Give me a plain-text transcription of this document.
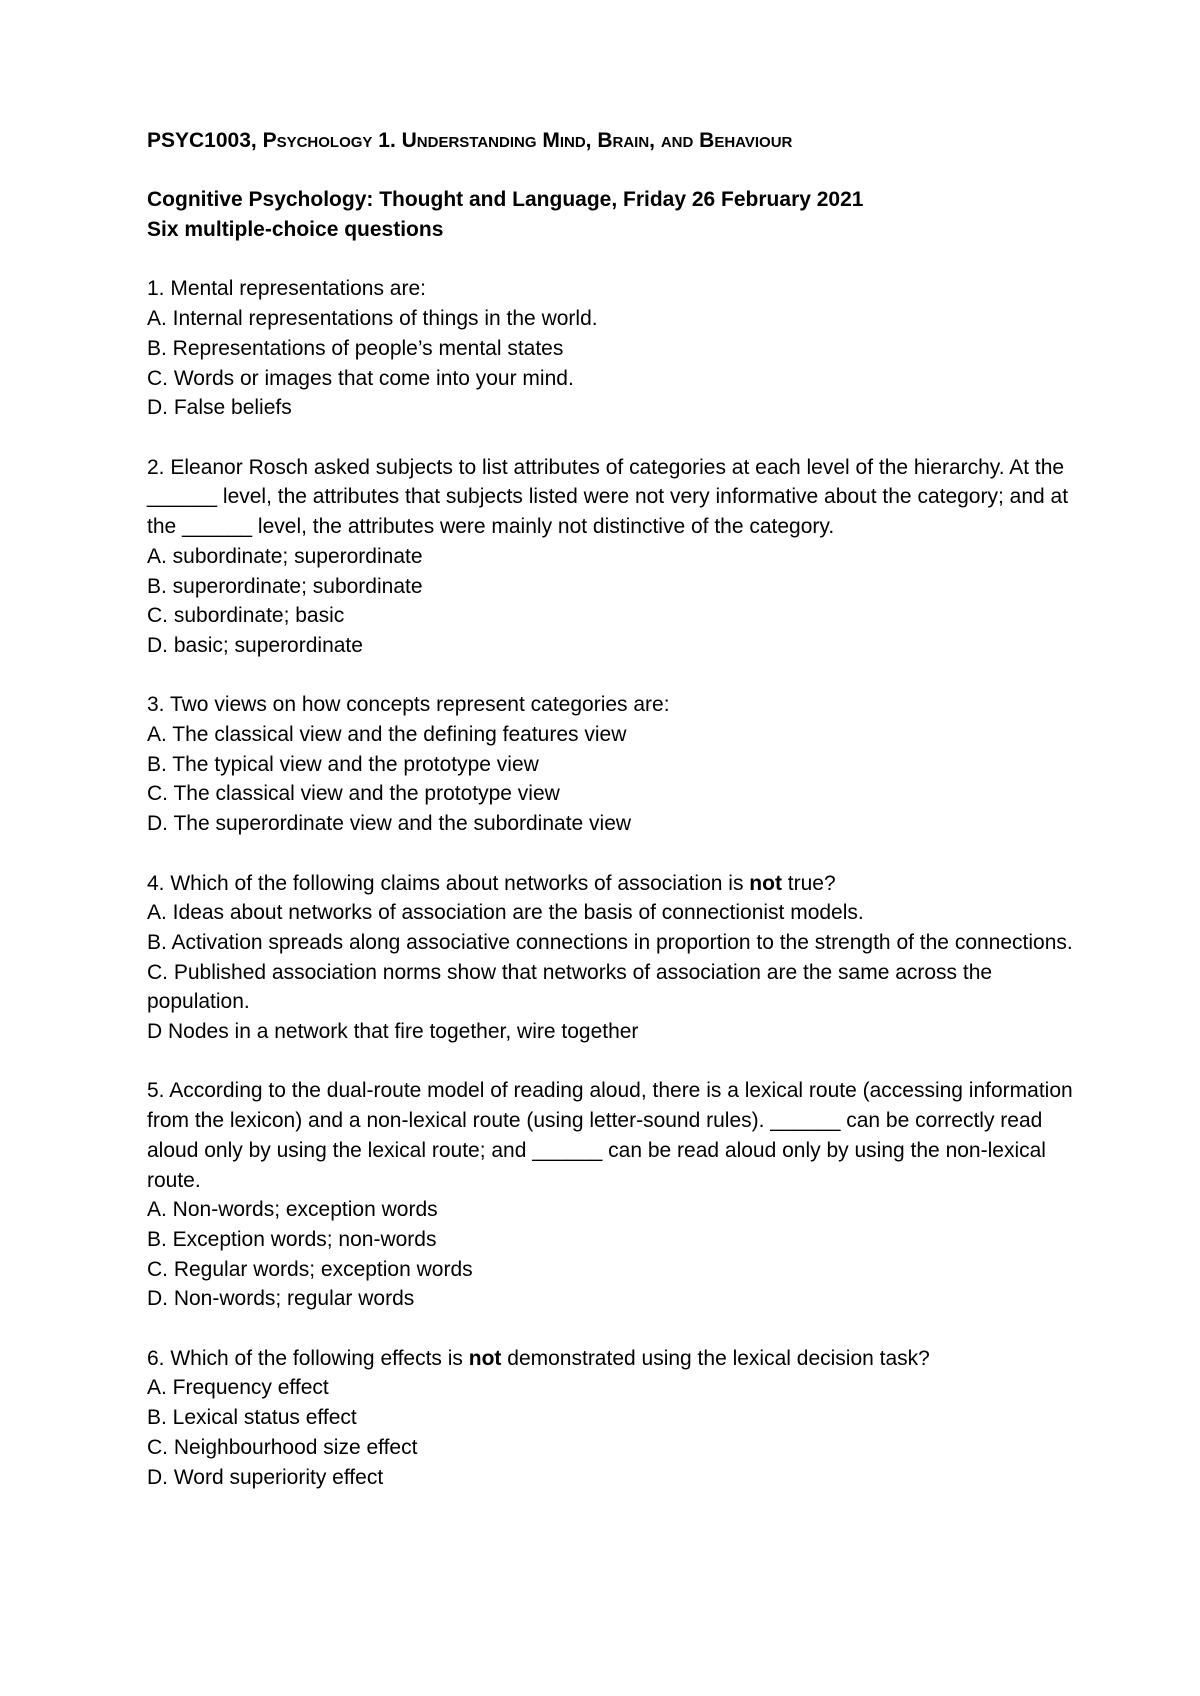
PSYC1003, Psychology 1. Understanding Mind, Brain, and Behaviour

Cognitive Psychology: Thought and Language, Friday 26 February 2021

Six multiple-choice questions

1. Mental representations are:

A. Internal representations of things in the world.

B. Representations of people’s mental states

C. Words or images that come into your mind.

D. False beliefs

2. Eleanor Rosch asked subjects to list attributes of categories at each level of the hierarchy. At the ______ level, the attributes that subjects listed were not very informative about the category; and at the ______ level, the attributes were mainly not distinctive of the category.

A. subordinate; superordinate

B. superordinate; subordinate

C. subordinate; basic

D. basic; superordinate

3. Two views on how concepts represent categories are:

A. The classical view and the defining features view

B. The typical view and the prototype view

C. The classical view and the prototype view

D. The superordinate view and the subordinate view

4. Which of the following claims about networks of association is not true?

A. Ideas about networks of association are the basis of connectionist models.

B. Activation spreads along associative connections in proportion to the strength of the connections.

C. Published association norms show that networks of association are the same across the population.

D Nodes in a network that fire together, wire together

5. According to the dual-route model of reading aloud, there is a lexical route (accessing information from the lexicon) and a non-lexical route (using letter-sound rules). ______ can be correctly read aloud only by using the lexical route; and ______ can be read aloud only by using the non-lexical route.

A. Non-words; exception words

B. Exception words; non-words

C. Regular words; exception words

D. Non-words; regular words

6. Which of the following effects is not demonstrated using the lexical decision task?

A. Frequency effect

B. Lexical status effect

C. Neighbourhood size effect

D. Word superiority effect
